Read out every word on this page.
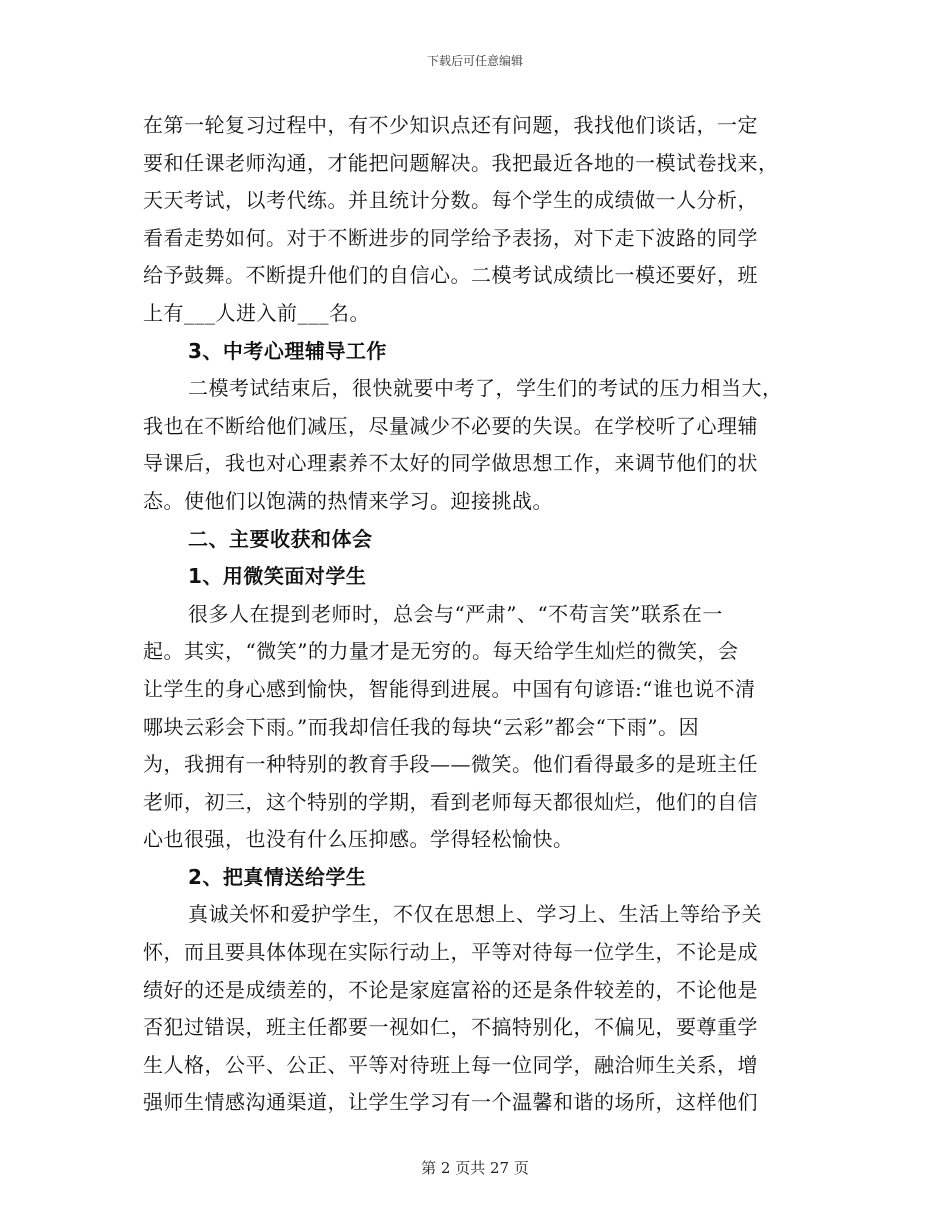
下载后可任意编辑
在第一轮复习过程中，有不少知识点还有问题，我找他们谈话，一定
要和任课老师沟通，才能把问题解决。我把最近各地的一模试卷找来，
天天考试，以考代练。并且统计分数。每个学生的成绩做一人分析，
看看走势如何。对于不断进步的同学给予表扬，对下走下波路的同学
给予鼓舞。不断提升他们的自信心。二模考试成绩比一模还要好，班
上有___人进入前___名。
3、中考心理辅导工作
二模考试结束后，很快就要中考了，学生们的考试的压力相当大，
我也在不断给他们减压，尽量减少不必要的失误。在学校听了心理辅
导课后，我也对心理素养不太好的同学做思想工作，来调节他们的状
态。使他们以饱满的热情来学习。迎接挑战。
二、主要收获和体会
1、用微笑面对学生
很多人在提到老师时，总会与“严肃”、“不苟言笑”联系在一
起。其实，“微笑”的力量才是无穷的。每天给学生灿烂的微笑，会
让学生的身心感到愉快，智能得到进展。中国有句谚语:“谁也说不清
哪块云彩会下雨。”而我却信任我的每块“云彩”都会“下雨”。因
为，我拥有一种特别的教育手段——微笑。他们看得最多的是班主任
老师，初三，这个特别的学期，看到老师每天都很灿烂，他们的自信
心也很强，也没有什么压抑感。学得轻松愉快。
2、把真情送给学生
真诚关怀和爱护学生，不仅在思想上、学习上、生活上等给予关
怀，而且要具体体现在实际行动上，平等对待每一位学生，不论是成
绩好的还是成绩差的，不论是家庭富裕的还是条件较差的，不论他是
否犯过错误，班主任都要一视如仁，不搞特别化，不偏见，要尊重学
生人格，公平、公正、平等对待班上每一位同学，融洽师生关系，增
强师生情感沟通渠道，让学生学习有一个温馨和谐的场所，这样他们
第 2 页共 27 页
